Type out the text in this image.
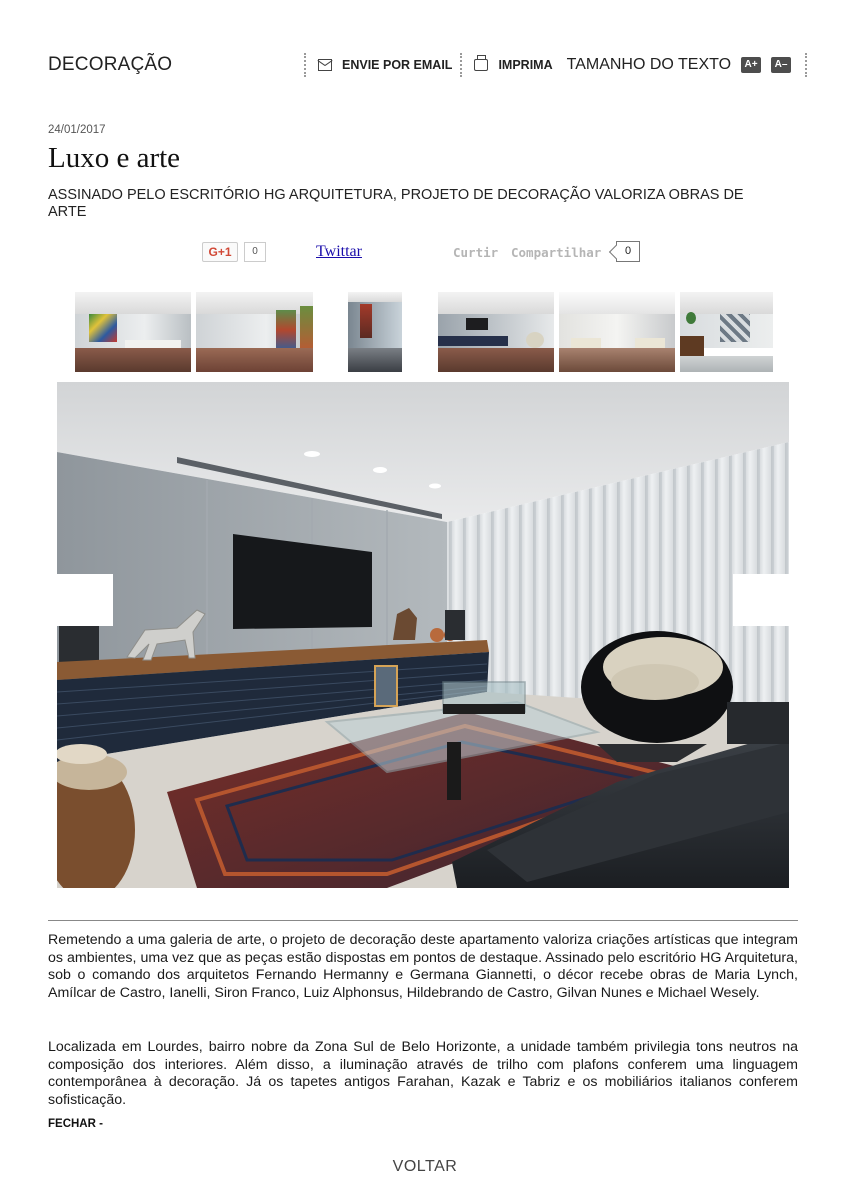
DECORAÇÃO	ENVIE POR EMAIL	IMPRIMA TAMANHO DO TEXTO	A+	A–
24/01/2017
Luxo e arte
ASSINADO PELO ESCRITÓRIO HG ARQUITETURA, PROJETO DE DECORAÇÃO VALORIZA OBRAS DE ARTE
G+1	0	Twittar	Curtir Compartilhar	0

Remetendo a uma galeria de arte, o projeto de decoração deste apartamento valoriza criações artísticas que integram os ambientes, uma vez que as peças estão dispostas em pontos de destaque. Assinado pelo escritório HG Arquitetura, sob o comando dos arquitetos Fernando Hermanny e Germana Giannetti, o décor recebe obras de Maria Lynch, Amílcar de Castro, Ianelli, Siron Franco, Luiz Alphonsus, Hildebrando de Castro, Gilvan Nunes e Michael Wesely.

Localizada em Lourdes, bairro nobre da Zona Sul de Belo Horizonte, a unidade também privilegia tons neutros na composição dos interiores. Além disso, a iluminação através de trilho com plafons conferem uma linguagem contemporânea à decoração. Já os tapetes antigos Farahan, Kazak e Tabriz e os mobiliários italianos conferem sofisticação.

FECHAR -
VOLTAR
